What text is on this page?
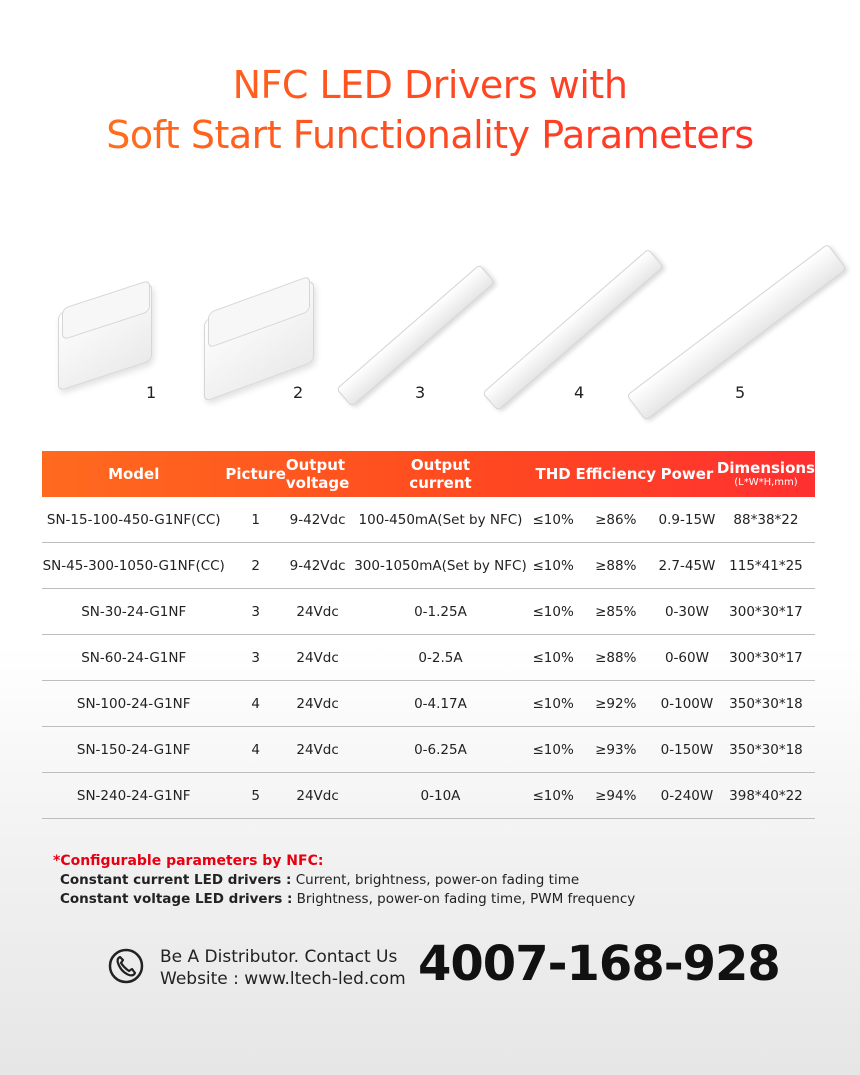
NFC LED Drivers with
Soft Start Functionality Parameters
1	2	3	4	5
Model	Picture	Output voltage	Output current	THD	Efficiency	Power	Dimensions
(L*W*H,mm)

SN-15-100-450-G1NF(CC)	1	9-42Vdc	100-450mA(Set by NFC)	≤10%	≥86%	0.9-15W	88*38*22
SN-45-300-1050-G1NF(CC)	2	9-42Vdc	300-1050mA(Set by NFC)	≤10%	≥88%	2.7-45W	115*41*25
SN-30-24-G1NF	3	24Vdc	0-1.25A	≤10%	≥85%	0-30W	300*30*17
SN-60-24-G1NF	3	24Vdc	0-2.5A	≤10%	≥88%	0-60W	300*30*17
SN-100-24-G1NF	4	24Vdc	0-4.17A	≤10%	≥92%	0-100W	350*30*18
SN-150-24-G1NF	4	24Vdc	0-6.25A	≤10%	≥93%	0-150W	350*30*18
SN-240-24-G1NF	5	24Vdc	0-10A	≤10%	≥94%	0-240W	398*40*22
*Configurable parameters by NFC:
Constant current LED drivers : Current, brightness, power-on fading time
Constant voltage LED drivers : Brightness, power-on fading time, PWM frequency
Be A Distributor. Contact Us
Website : www.ltech-led.com 4007-168-928
